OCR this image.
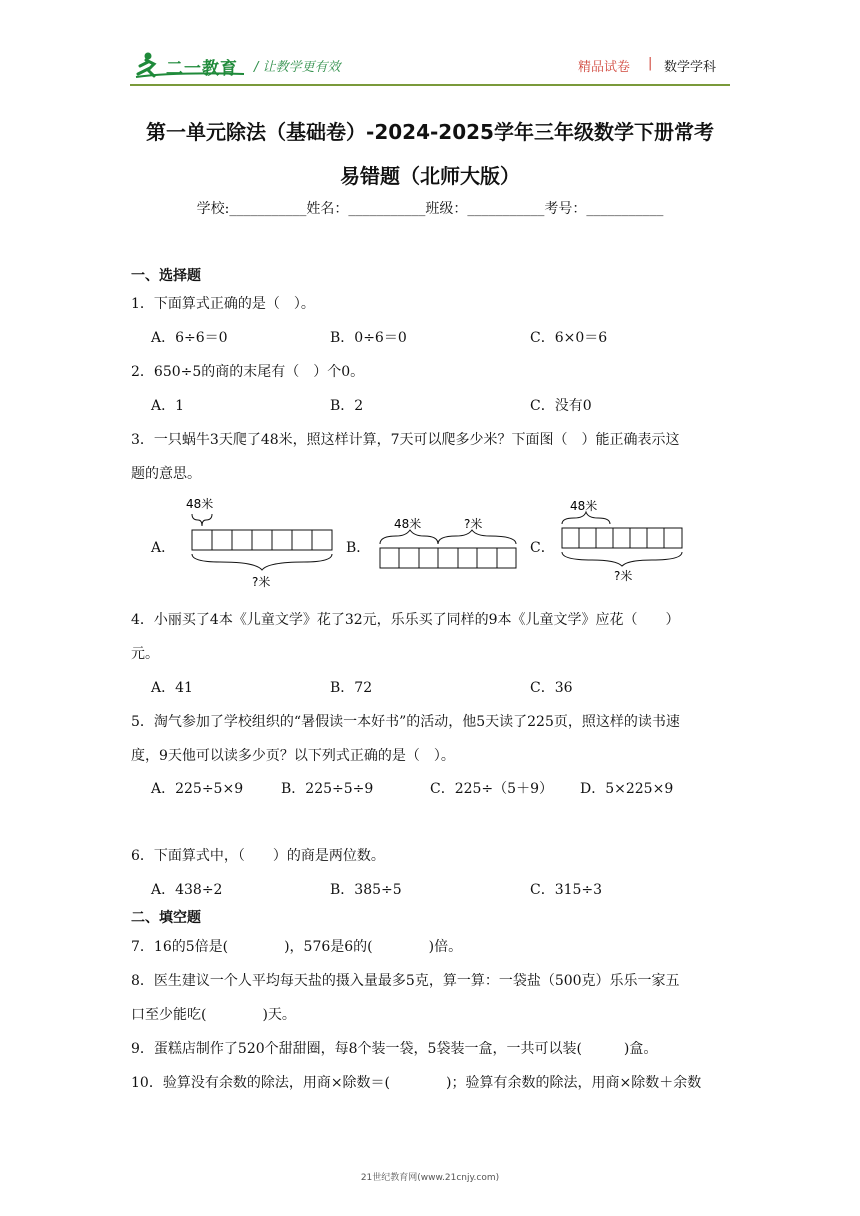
二一教育 / 让教学更有效	精品试卷 | 数学学科
第一单元除法（基础卷）-2024-2025学年三年级数学下册常考
易错题（北师大版）
学校:___________姓名：___________班级：___________考号：___________
一、选择题
1．下面算式正确的是（　）。
A．6÷6＝0	B．0÷6＝0	C．6×0＝6
2．650÷5的商的末尾有（　）个0。
A．1	B．2	C．没有0
3．一只蜗牛3天爬了48米，照这样计算，7天可以爬多少米？下面图（　）能正确表示这
题的意思。
A．	B．	C．
48米
?米
48米	?米
48米
?米
4．小丽买了4本《儿童文学》花了32元，乐乐买了同样的9本《儿童文学》应花（　　）
元。
A．41	B．72	C．36
5．淘气参加了学校组织的“暑假读一本好书”的活动，他5天读了225页，照这样的读书速
度，9天他可以读多少页？以下列式正确的是（　）。
A．225÷5×9	B．225÷5÷9	C．225÷（5＋9） D．5×225×9
6．下面算式中，（　　）的商是两位数。
A．438÷2	B．385÷5	C．315÷3
二、填空题
7．16的5倍是(　　　　)，576是6的(　　　　)倍。
8．医生建议一个人平均每天盐的摄入量最多5克，算一算：一袋盐（500克）乐乐一家五
口至少能吃(　　　　)天。
9．蛋糕店制作了520个甜甜圈，每8个装一袋，5袋装一盒，一共可以装(　　　)盒。
10．验算没有余数的除法，用商×除数＝(　　　　)；验算有余数的除法，用商×除数＋余数
21世纪教育网(www.21cnjy.com)
